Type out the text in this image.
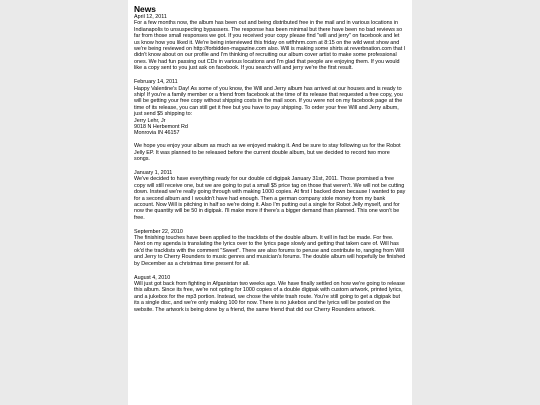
News
April 12, 2011
For a few months now, the album has been out and being distributed free in the mail and in various locations in Indianapolis to unsuspecting bypassers. The response has been minimal but there have been no bad reviews so far from those small responses we got. If you received your copy please find "will and jerry" on facebook and let us know how you liked it. We're being interviewed this friday on wtfhhrm.com at 8:15 on the wild west show and we're being reviewed on http://forbidden-magazine.com also. Will is making some shirts at reverbnation.com that I didn't know about on our profile and I'm thinking of recruiting our album cover artist to make some professional ones. We had fun passing out CDs in various locations and I'm glad that people are enjoying them. If you would like a copy sent to you just ask on facebook. If you search will and jerry we're the first result.
February 14, 2011
Happy Valentine's Day! As some of you know, the Will and Jerry album has arrived at our houses and is ready to ship! If you're a family member or a friend from facebook at the time of its release that requested a free copy, you will be getting your free copy without shipping costs in the mail soon. If you were not on my facebook page at the time of its release, you can still get it free but you have to pay shipping. To order your free Will and Jerry album, just send $5 shipping to:
Jerry Lehr, Jr
9018 N Herbemont Rd
Monrovia IN 46157
We hope you enjoy your album as much as we enjoyed making it. And be sure to stay following us for the Robot Jelly EP. It was planned to be released before the current double album, but we decided to record two more songs.
January 1, 2011
We've decided to have everything ready for our double cd digipak January 31st, 2011. Those promised a free copy will still receive one, but we are going to put a small $5 price tag on those that weren't. We will not be cutting down. Instead we're really going through with making 1000 copies. At first I backed down because I wanted to pay for a second album and I wouldn't have had enough. Then a german company stole money from my bank account. Now Will is pitching in half so we're doing it. Also I'm putting out a single for Robot Jelly myself, and for now the quantity will be 50 in digipak. I'll make more if there's a bigger demand than planned. This one won't be free.
September 22, 2010
The finishing touches have been applied to the tracklists of the double album. It will in fact be made. For free. Next on my agenda is translating the lyrics over to the lyrics page slowly and getting that taken care of. Will has ok'd the tracklists with the comment "Sweet". There are also forums to peruse and contribute to, ranging from Will and Jerry to Cherry Rounders to music genres and musician's forums. The double album will hopefully be finished by December as a christmas time present for all.
August 4, 2010
Will just got back from fighting in Afganistan two weeks ago. We have finally settled on how we're going to release this album. Since its free, we're not opting for 1000 copies of a double digipak with custom artwork, printed lyrics, and a jukebox for the mp3 portion. Instead, we chose the white trash route. You're still going to get a digipak but its a single disc, and we're only making 100 for now. There is no jukebox and the lyrics will be posted on the website. The artwork is being done by a friend, the same friend that did our Cherry Rounders artwork.
